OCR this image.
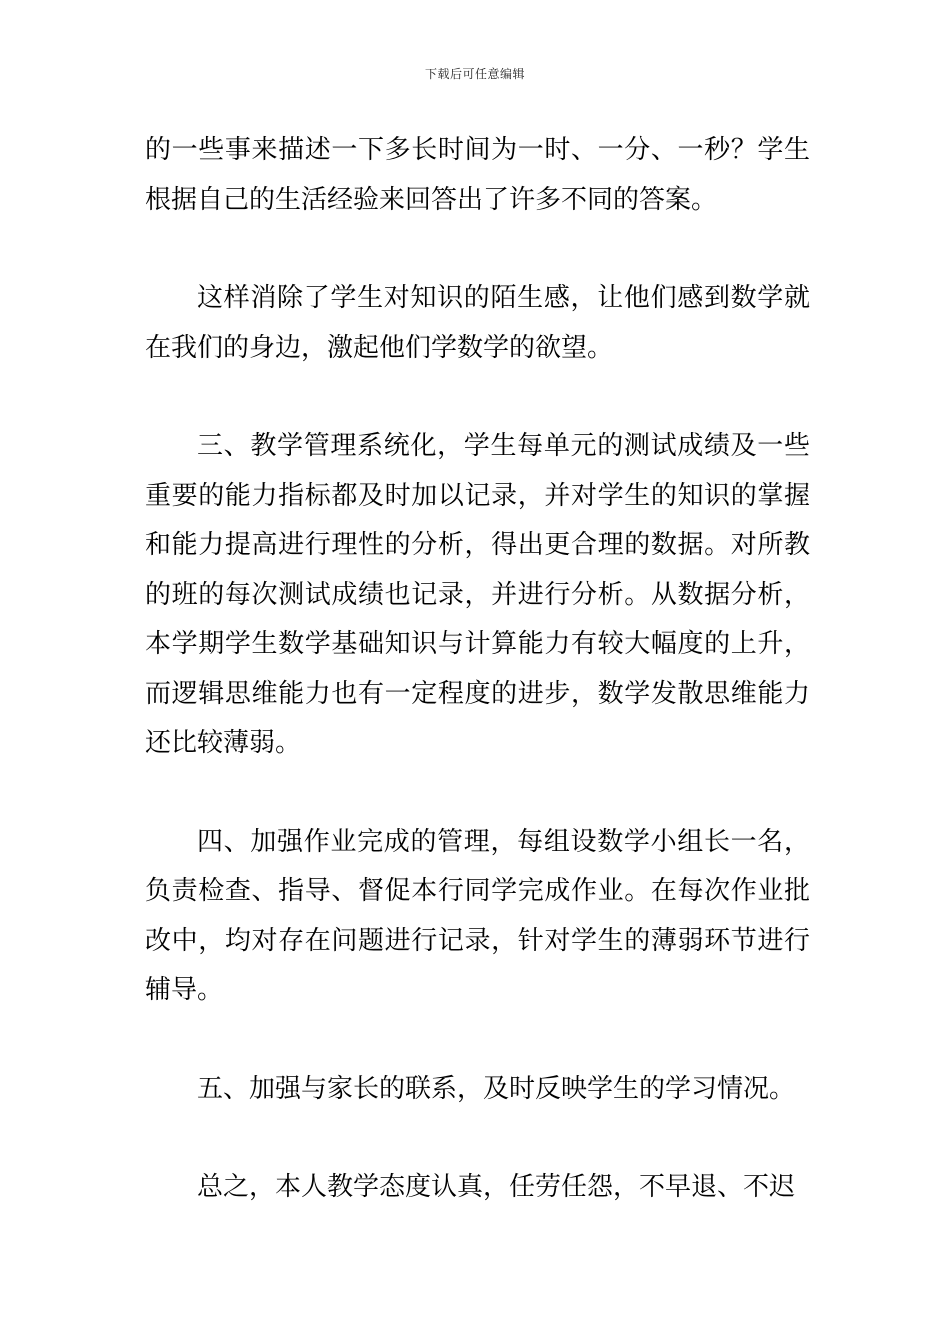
下载后可任意编辑

的一些事来描述一下多长时间为一时、一分、一秒？学生根据自己的生活经验来回答出了许多不同的答案。

这样消除了学生对知识的陌生感，让他们感到数学就在我们的身边，激起他们学数学的欲望。

三、教学管理系统化，学生每单元的测试成绩及一些重要的能力指标都及时加以记录，并对学生的知识的掌握和能力提高进行理性的分析，得出更合理的数据。对所教的班的每次测试成绩也记录，并进行分析。从数据分析，本学期学生数学基础知识与计算能力有较大幅度的上升，而逻辑思维能力也有一定程度的进步，数学发散思维能力还比较薄弱。

四、加强作业完成的管理，每组设数学小组长一名，负责检查、指导、督促本行同学完成作业。在每次作业批改中，均对存在问题进行记录，针对学生的薄弱环节进行辅导。

五、加强与家长的联系，及时反映学生的学习情况。

总之，本人教学态度认真，任劳任怨，不早退、不迟
